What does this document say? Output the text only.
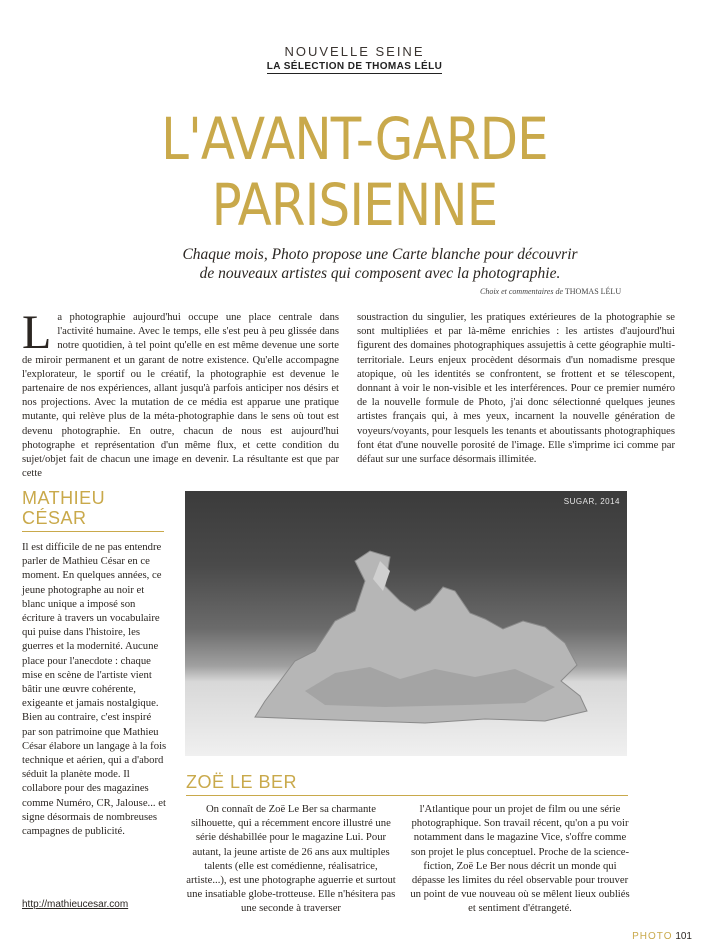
NOUVELLE SEINE
LA SÉLECTION DE THOMAS LÉLU
L'AVANT-GARDE
PARISIENNE
Chaque mois, Photo propose une Carte blanche pour découvrir
de nouveaux artistes qui composent avec la photographie.
Choix et commentaires de THOMAS LÉLU
L a photographie aujourd'hui occupe une place centrale dans l'activité humaine. Avec le temps, elle s'est peu à peu glissée dans notre quotidien, à tel point qu'elle en est même devenue une sorte de miroir permanent et un garant de notre existence. Qu'elle accompagne l'explorateur, le sportif ou le créatif, la photographie est devenue le partenaire de nos expériences, allant jusqu'à parfois anticiper nos désirs et nos projections. Avec la mutation de ce média est apparue une pratique mutante, qui relève plus de la méta-photographie dans le sens où tout est devenu photographie. En outre, chacun de nous est aujourd'hui photographe et représentation d'un même flux, et cette condition du sujet/objet fait de chacun une image en devenir. La résultante est que par cette
soustraction du singulier, les pratiques extérieures de la photographie se sont multipliées et par là-même enrichies : les artistes d'aujourd'hui figurent des domaines photographiques assujettis à cette géographie multi-territoriale. Leurs enjeux procèdent désormais d'un nomadisme presque atopique, où les identités se confrontent, se frottent et se télescopent, donnant à voir le non-visible et les interférences. Pour ce premier numéro de la nouvelle formule de Photo, j'ai donc sélectionné quelques jeunes artistes français qui, à mes yeux, incarnent la nouvelle génération de voyeurs/voyants, pour lesquels les tenants et aboutissants photographiques font état d'une nouvelle porosité de l'image. Elle s'imprime ici comme par défaut sur une surface désormais illimitée.
MATHIEU
CÉSAR
Il est difficile de ne pas entendre parler de Mathieu César en ce moment. En quelques années, ce jeune photographe au noir et blanc unique a imposé son écriture à travers un vocabulaire qui puise dans l'histoire, les guerres et la modernité. Aucune place pour l'anecdote : chaque mise en scène de l'artiste vient bâtir une œuvre cohérente, exigeante et jamais nostalgique. Bien au contraire, c'est inspiré par son patrimoine que Mathieu César élabore un langage à la fois technique et aérien, qui a d'abord séduit la planète mode. Il collabore pour des magazines comme Numéro, CR, Jalouse... et signe désormais de nombreuses campagnes de publicité.
http://mathieucesar.com
SUGAR, 2014
ZOË LE BER
On connaît de Zoë Le Ber sa charmante silhouette, qui a récemment encore illustré une série déshabillée pour le magazine Lui. Pour autant, la jeune artiste de 26 ans aux multiples talents (elle est comédienne, réalisatrice, artiste...), est une photographe aguerrie et surtout une insatiable globe-trotteuse. Elle n'hésitera pas une seconde à traverser
l'Atlantique pour un projet de film ou une série photographique. Son travail récent, qu'on a pu voir notamment dans le magazine Vice, s'offre comme son projet le plus conceptuel. Proche de la science-fiction, Zoë Le Ber nous décrit un monde qui dépasse les limites du réel observable pour trouver un point de vue nouveau où se mêlent lieux oubliés et sentiment d'étrangeté.
PHOTO 101
